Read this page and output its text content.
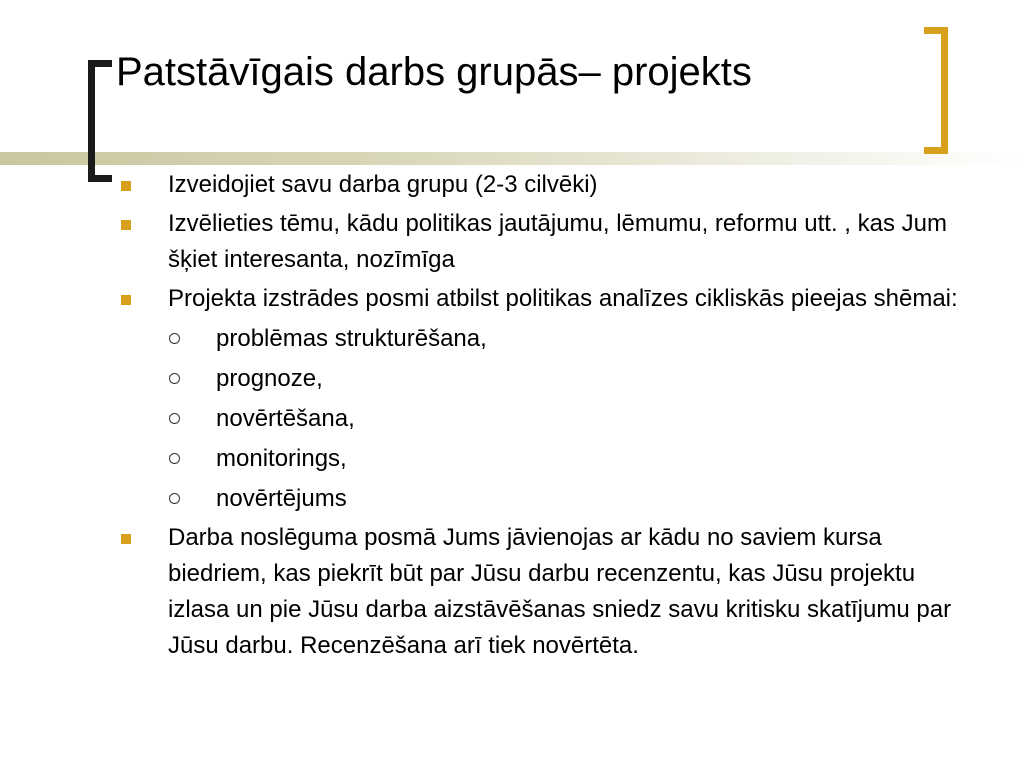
Patstāvīgais darbs grupās– projekts
Izveidojiet savu darba grupu (2-3 cilvēki)
Izvēlieties tēmu, kādu politikas jautājumu, lēmumu, reformu utt. , kas Jum šķiet interesanta, nozīmīga
Projekta izstrādes posmi atbilst politikas analīzes cikliskās pieejas shēmai:
problēmas strukturēšana,
prognoze,
novērtēšana,
monitorings,
novērtējums
Darba noslēguma posmā Jums jāvienojas ar kādu no saviem kursa biedriem, kas piekrīt būt par Jūsu darbu recenzentu, kas Jūsu projektu izlasa un pie Jūsu darba aizstāvēšanas sniedz savu kritisku skatījumu par Jūsu darbu. Recenzēšana arī tiek novērtēta.
